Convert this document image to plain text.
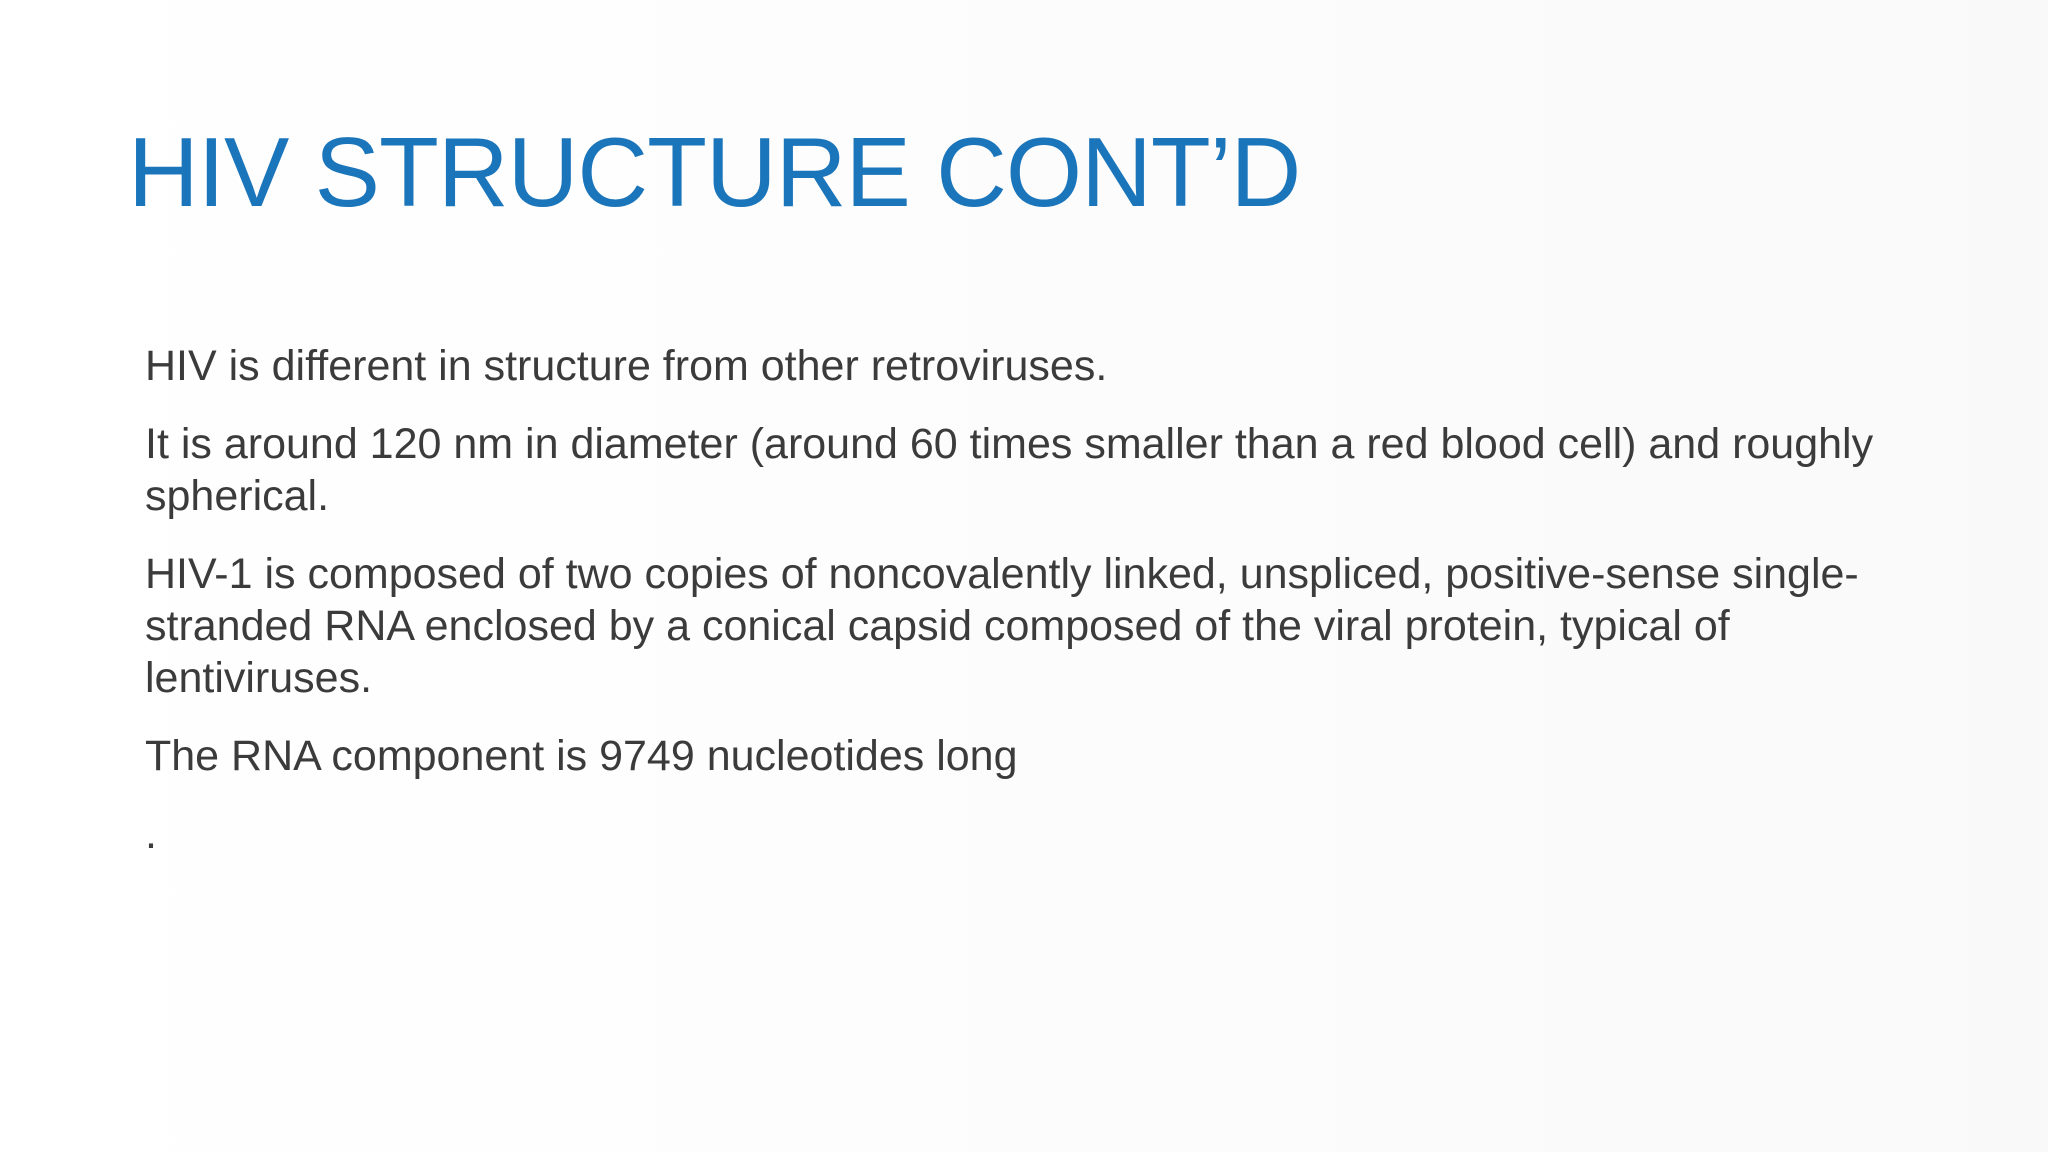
HIV STRUCTURE CONT’D

HIV is different in structure from other retroviruses.

It is around 120 nm in diameter (around 60 times smaller than a red blood cell) and roughly spherical.

HIV-1 is composed of two copies of noncovalently linked, unspliced, positive-sense single-stranded RNA enclosed by a conical capsid composed of the viral protein, typical of lentiviruses.

The RNA component is 9749 nucleotides long

.
